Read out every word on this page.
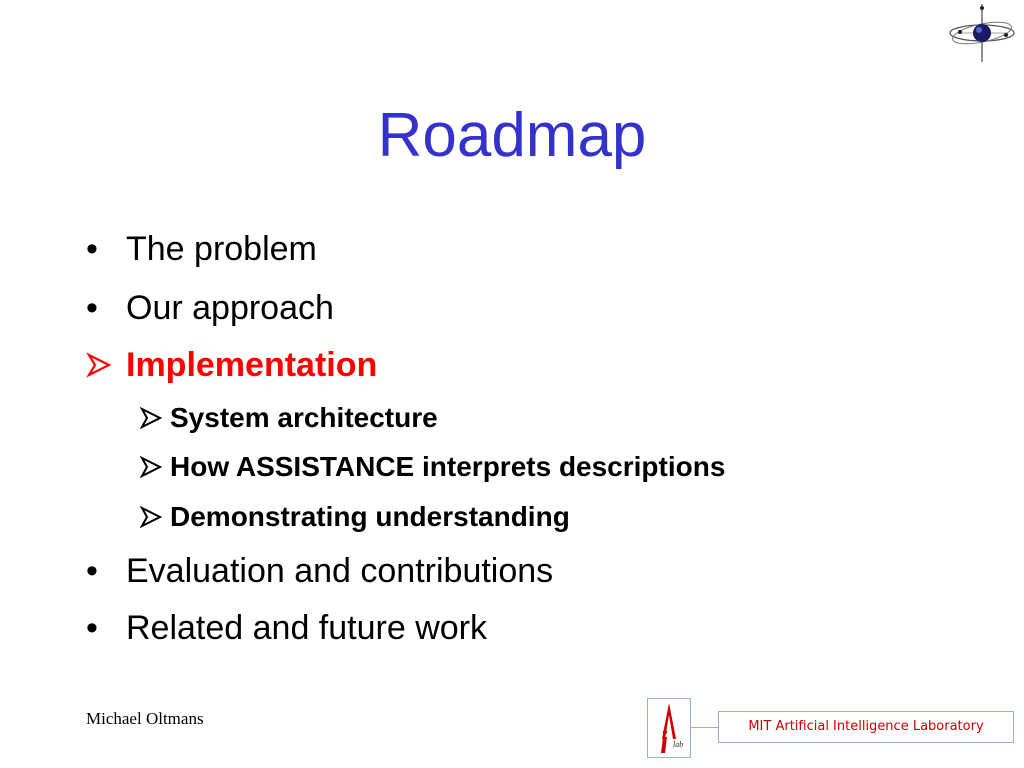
Roadmap
• The problem
• Our approach
Implementation
System architecture
How ASSISTANCE interprets descriptions
Demonstrating understanding
• Evaluation and contributions
• Related and future work
Michael Oltmans
lab
MIT Artificial Intelligence Laboratory
